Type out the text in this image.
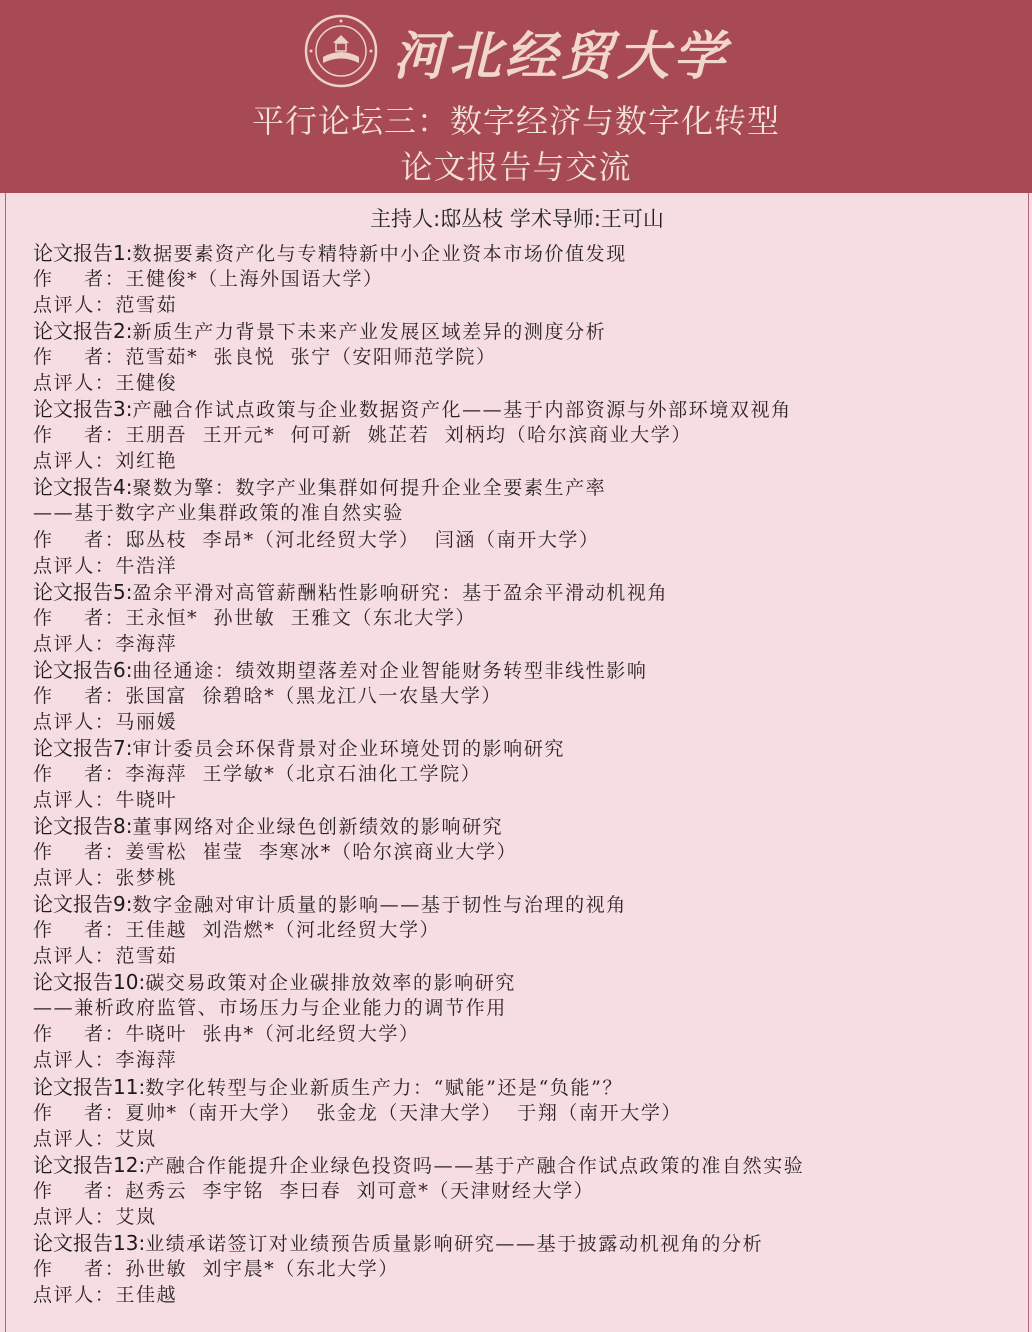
河北经贸大学
平行论坛三：数字经济与数字化转型
论文报告与交流
主持人:邸丛枝 学术导师:王可山
论文报告1:数据要素资产化与专精特新中小企业资本市场价值发现
作    者：王健俊*（上海外国语大学）
点评人：范雪茹
论文报告2:新质生产力背景下未来产业发展区域差异的测度分析
作    者：范雪茹*  张良悦  张宁（安阳师范学院）
点评人：王健俊
论文报告3:产融合作试点政策与企业数据资产化——基于内部资源与外部环境双视角
作    者：王朋吾  王开元*  何可新  姚芷若  刘柄均（哈尔滨商业大学）
点评人：刘红艳
论文报告4:聚数为擎：数字产业集群如何提升企业全要素生产率
——基于数字产业集群政策的准自然实验
作    者：邸丛枝  李昂*（河北经贸大学）  闫涵（南开大学）
点评人：牛浩洋
论文报告5:盈余平滑对高管薪酬粘性影响研究：基于盈余平滑动机视角
作    者：王永恒*  孙世敏  王雅文（东北大学）
点评人：李海萍
论文报告6:曲径通途：绩效期望落差对企业智能财务转型非线性影响
作    者：张国富  徐碧晗*（黑龙江八一农垦大学）
点评人：马丽媛
论文报告7:审计委员会环保背景对企业环境处罚的影响研究
作    者：李海萍  王学敏*（北京石油化工学院）
点评人：牛晓叶
论文报告8:董事网络对企业绿色创新绩效的影响研究
作    者：姜雪松  崔莹  李寒冰*（哈尔滨商业大学）
点评人：张梦桃
论文报告9:数字金融对审计质量的影响——基于韧性与治理的视角
作    者：王佳越  刘浩燃*（河北经贸大学）
点评人：范雪茹
论文报告10:碳交易政策对企业碳排放效率的影响研究
——兼析政府监管、市场压力与企业能力的调节作用
作    者：牛晓叶  张冉*（河北经贸大学）
点评人：李海萍
论文报告11:数字化转型与企业新质生产力：“赋能”还是“负能”？
作    者：夏帅*（南开大学）  张金龙（天津大学）  于翔（南开大学）
点评人：艾岚
论文报告12:产融合作能提升企业绿色投资吗——基于产融合作试点政策的准自然实验
作    者：赵秀云  李宇铭  李曰春  刘可意*（天津财经大学）
点评人：艾岚
论文报告13:业绩承诺签订对业绩预告质量影响研究——基于披露动机视角的分析
作    者：孙世敏  刘宇晨*（东北大学）
点评人：王佳越
